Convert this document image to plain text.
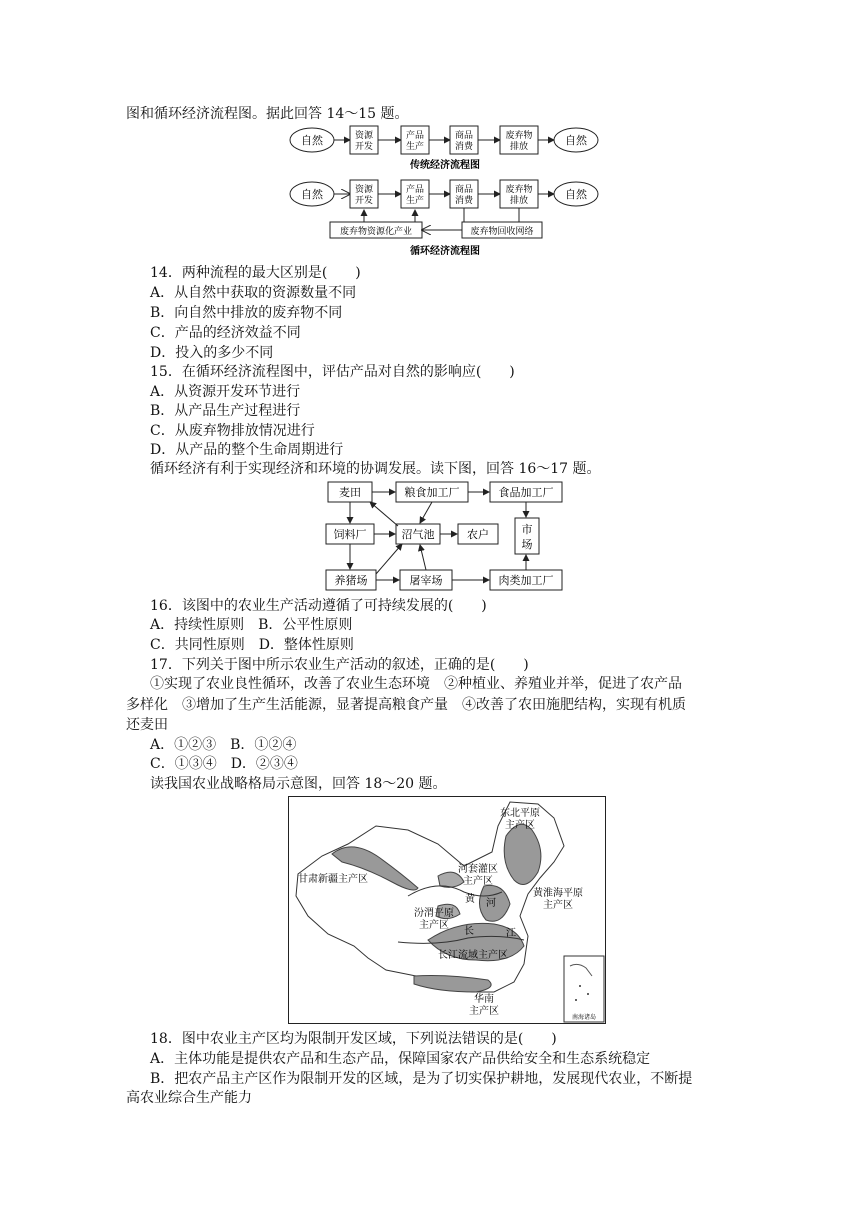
图和循环经济流程图。据此回答 14～15 题。
自然	资源
开发
产品
生产
商品
消费
废弃物
排放	自然
传统经济流程图
自然	资源
开发
产品
生产
商品
消费
废弃物
排放	自然
废弃物资源化产业	废弃物回收网络
循环经济流程图
14．两种流程的最大区别是(　　)
A．从自然中获取的资源数量不同
B．向自然中排放的废弃物不同
C．产品的经济效益不同
D．投入的多少不同
15．在循环经济流程图中，评估产品对自然的影响应(　　)
A．从资源开发环节进行
B．从产品生产过程进行
C．从废弃物排放情况进行
D．从产品的整个生命周期进行
循环经济有利于实现经济和环境的协调发展。读下图，回答 16～17 题。
麦田	粮食加工厂	食品加工厂
饲料厂	沼气池	农户	市
场
养猪场	屠宰场	肉类加工厂
16．该图中的农业生产活动遵循了可持续发展的(　　)
A．持续性原则　B．公平性原则
C．共同性原则　D．整体性原则
17．下列关于图中所示农业生产活动的叙述，正确的是(　　)
①实现了农业良性循环，改善了农业生态环境　②种植业、养殖业并举，促进了农产品
多样化　③增加了生产生活能源，显著提高粮食产量　④改善了农田施肥结构，实现有机质
还麦田
A．①②③　B．①②④
C．①③④　D．②③④
读我国农业战略格局示意图，回答 18～20 题。
东北平原
主产区
甘肃新疆主产区
河套灌区
主产区
黄 河
黄淮海平原
主产区
汾渭平原
主产区
长	江
长江流域主产区
华南
主产区
南海诸岛
18．图中农业主产区均为限制开发区域，下列说法错误的是(　　)
A．主体功能是提供农产品和生态产品，保障国家农产品供给安全和生态系统稳定
B．把农产品主产区作为限制开发的区域，是为了切实保护耕地，发展现代农业，不断提
高农业综合生产能力
